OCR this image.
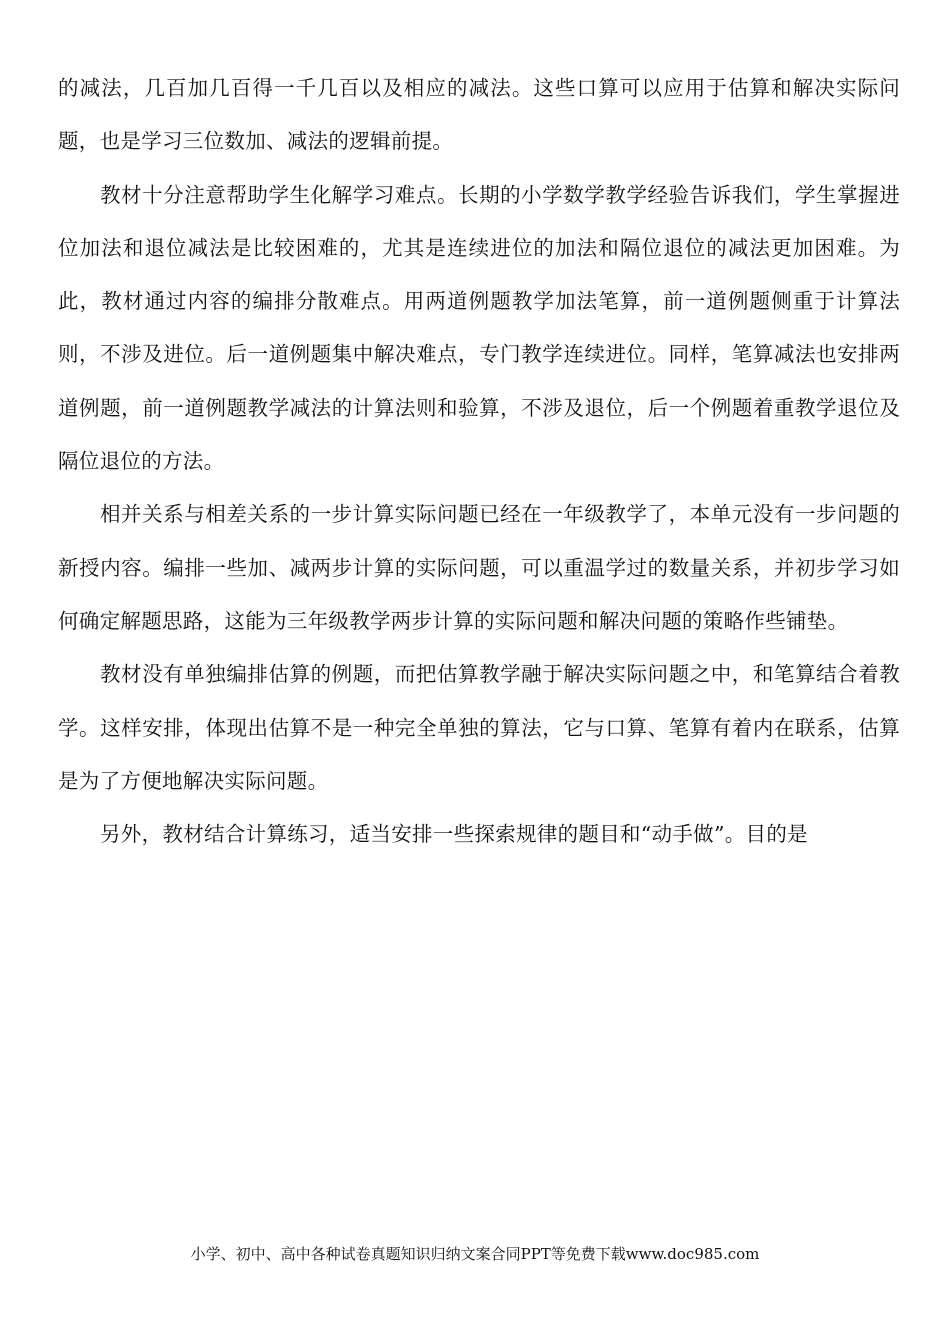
的减法，几百加几百得一千几百以及相应的减法。这些口算可以应用于估算和解决实际问题，也是学习三位数加、减法的逻辑前提。

教材十分注意帮助学生化解学习难点。长期的小学数学教学经验告诉我们，学生掌握进位加法和退位减法是比较困难的，尤其是连续进位的加法和隔位退位的减法更加困难。为此，教材通过内容的编排分散难点。用两道例题教学加法笔算，前一道例题侧重于计算法则，不涉及进位。后一道例题集中解决难点，专门教学连续进位。同样，笔算减法也安排两道例题，前一道例题教学减法的计算法则和验算，不涉及退位，后一个例题着重教学退位及隔位退位的方法。

相并关系与相差关系的一步计算实际问题已经在一年级教学了，本单元没有一步问题的新授内容。编排一些加、减两步计算的实际问题，可以重温学过的数量关系，并初步学习如何确定解题思路，这能为三年级教学两步计算的实际问题和解决问题的策略作些铺垫。

教材没有单独编排估算的例题，而把估算教学融于解决实际问题之中，和笔算结合着教学。这样安排，体现出估算不是一种完全单独的算法，它与口算、笔算有着内在联系，估算是为了方便地解决实际问题。

另外，教材结合计算练习，适当安排一些探索规律的题目和“动手做”。目的是

小学、初中、高中各种试卷真题知识归纳文案合同PPT等免费下载www.doc985.com
